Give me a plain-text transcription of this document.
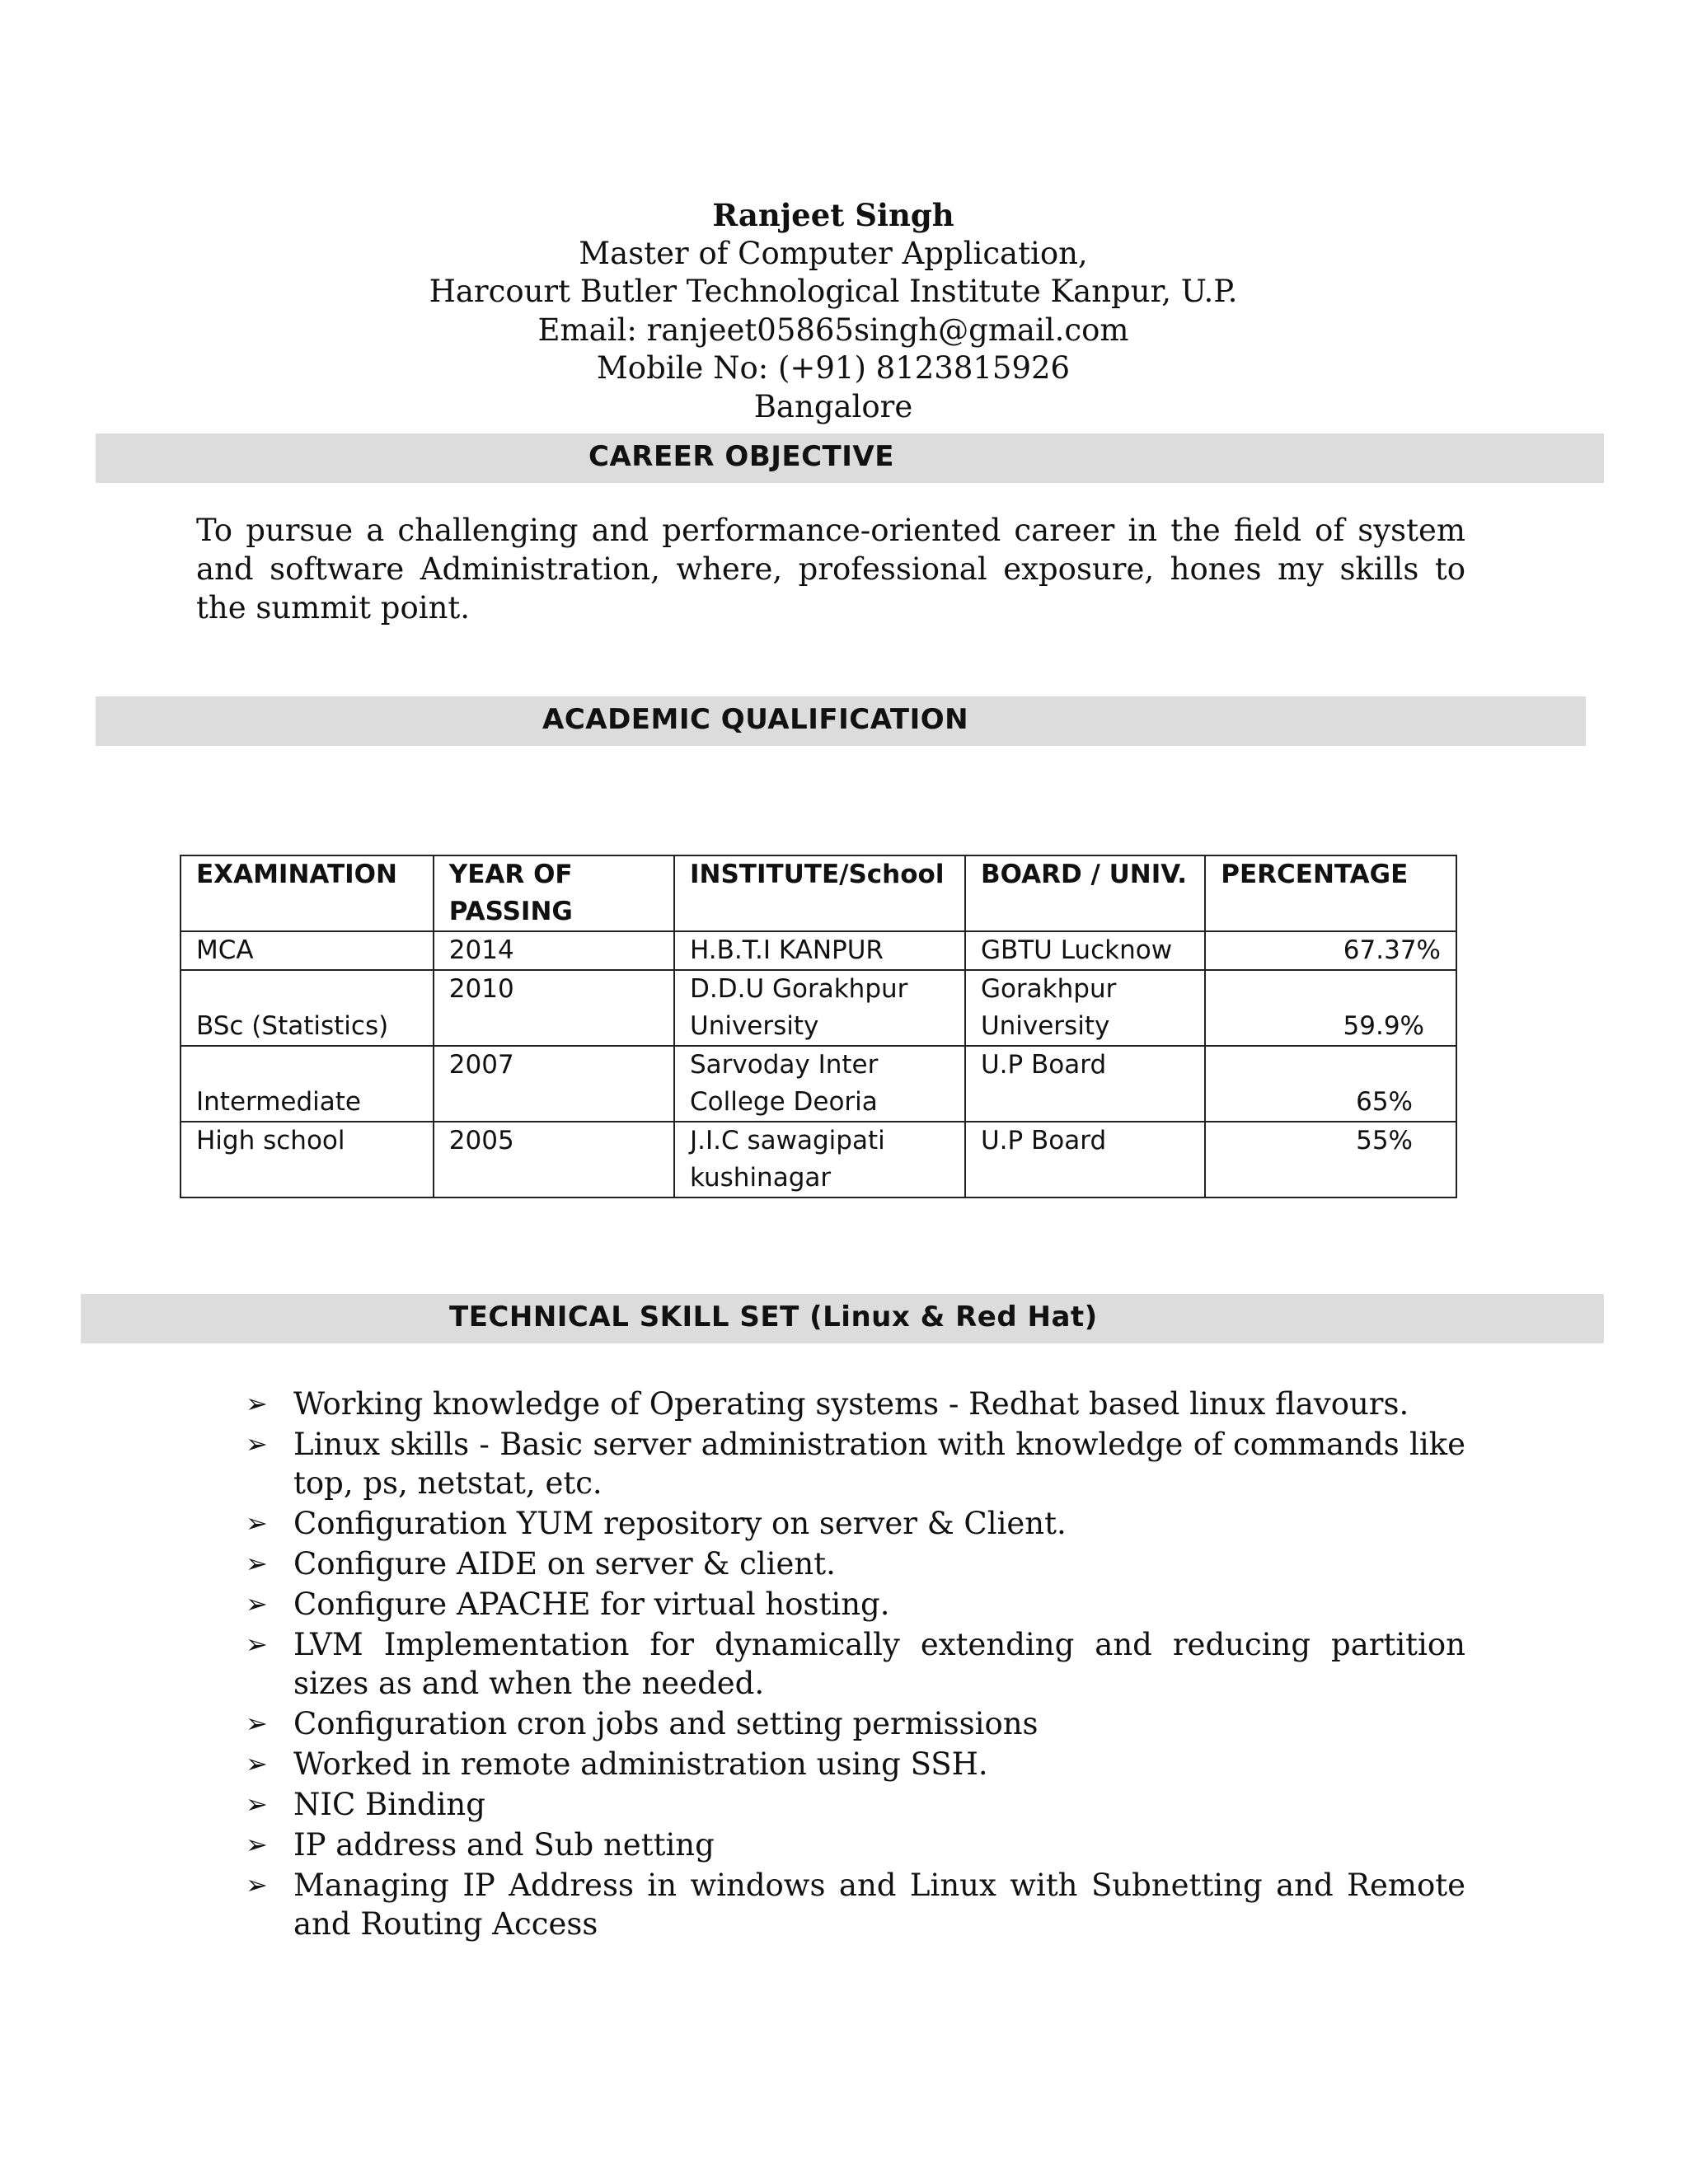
Ranjeet Singh
Master of Computer Application,
Harcourt Butler Technological Institute Kanpur, U.P.
Email: ranjeet05865singh@gmail.com
Mobile No: (+91) 8123815926
Bangalore
CAREER OBJECTIVE
To pursue a challenging and performance-oriented career in the field of system and software Administration, where, professional exposure, hones my skills to the summit point.
ACADEMIC QUALIFICATION
EXAMINATION	YEAR OF PASSING	INSTITUTE/School	BOARD / UNIV.	PERCENTAGE
MCA	2014	H.B.T.I KANPUR	GBTU Lucknow	67.37%
BSc (Statistics)	2010	D.D.U Gorakhpur University	Gorakhpur University	59.9%
Intermediate	2007	Sarvoday Inter College Deoria	U.P Board	65%
High school	2005	J.I.C sawagipati kushinagar	U.P Board	55%
TECHNICAL SKILL SET (Linux & Red Hat)
➢ Working knowledge of Operating systems - Redhat based linux flavours.
➢ Linux skills - Basic server administration with knowledge of commands like top, ps, netstat, etc.
➢ Configuration YUM repository on server & Client.
➢ Configure AIDE on server & client.
➢ Configure APACHE for virtual hosting.
➢ LVM Implementation for dynamically extending and reducing partition sizes as and when the needed.
➢ Configuration cron jobs and setting permissions
➢ Worked in remote administration using SSH.
➢ NIC Binding
➢ IP address and Sub netting
➢ Managing IP Address in windows and Linux with Subnetting and Remote and Routing Access
